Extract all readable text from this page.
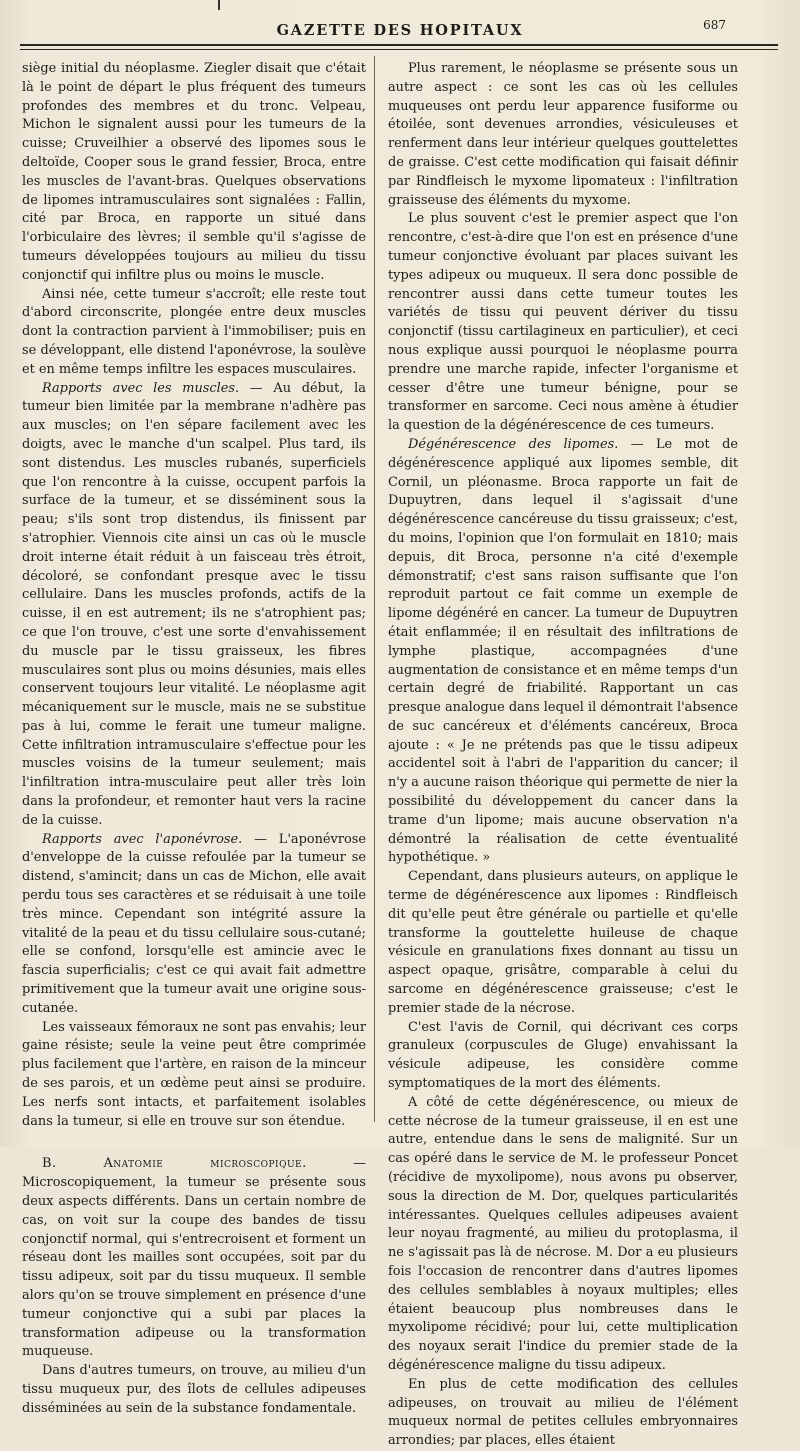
GAZETTE DES HOPITAUX	687

siège initial du néoplasme. Ziegler disait que c'était là le point de départ le plus fréquent des tumeurs profondes des membres et du tronc. Velpeau, Michon le signalent aussi pour les tumeurs de la cuisse; Cruveilhier a observé des lipomes sous le deltoïde, Cooper sous le grand fessier, Broca, entre les muscles de l'avant-bras. Quelques observations de lipomes intramusculaires sont signalées : Fallin, cité par Broca, en rapporte un situé dans l'orbiculaire des lèvres; il semble qu'il s'agisse de tumeurs développées toujours au milieu du tissu conjonctif qui infiltre plus ou moins le muscle.

Ainsi née, cette tumeur s'accroît; elle reste tout d'abord circonscrite, plongée entre deux muscles dont la contraction parvient à l'immobiliser; puis en se développant, elle distend l'aponévrose, la soulève et en même temps infiltre les espaces musculaires.

Rapports avec les muscles. — Au début, la tumeur bien limitée par la membrane n'adhère pas aux muscles; on l'en sépare facilement avec les doigts, avec le manche d'un scalpel. Plus tard, ils sont distendus. Les muscles rubanés, superficiels que l'on rencontre à la cuisse, occupent parfois la surface de la tumeur, et se disséminent sous la peau; s'ils sont trop distendus, ils finissent par s'atrophier. Viennois cite ainsi un cas où le muscle droit interne était réduit à un faisceau très étroit, décoloré, se confondant presque avec le tissu cellulaire. Dans les muscles profonds, actifs de la cuisse, il en est autrement; ils ne s'atrophient pas; ce que l'on trouve, c'est une sorte d'envahissement du muscle par le tissu graisseux, les fibres musculaires sont plus ou moins désunies, mais elles conservent toujours leur vitalité. Le néoplasme agit mécaniquement sur le muscle, mais ne se substitue pas à lui, comme le ferait une tumeur maligne. Cette infiltration intramusculaire s'effectue pour les muscles voisins de la tumeur seulement; mais l'infiltration intra-musculaire peut aller très loin dans la profondeur, et remonter haut vers la racine de la cuisse.

Rapports avec l'aponévrose. — L'aponévrose d'enveloppe de la cuisse refoulée par la tumeur se distend, s'amincit; dans un cas de Michon, elle avait perdu tous ses caractères et se réduisait à une toile très mince. Cependant son intégrité assure la vitalité de la peau et du tissu cellulaire sous-cutané; elle se confond, lorsqu'elle est amincie avec le fascia superficialis; c'est ce qui avait fait admettre primitivement que la tumeur avait une origine sous-cutanée.

Les vaisseaux fémoraux ne sont pas envahis; leur gaine résiste; seule la veine peut être comprimée plus facilement que l'artère, en raison de la minceur de ses parois, et un œdème peut ainsi se produire. Les nerfs sont intacts, et parfaitement isolables dans la tumeur, si elle en trouve sur son étendue.

B. Anatomie microscopique. — Microscopiquement, la tumeur se présente sous deux aspects différents. Dans un certain nombre de cas, on voit sur la coupe des bandes de tissu conjonctif normal, qui s'entrecroisent et forment un réseau dont les mailles sont occupées, soit par du tissu adipeux, soit par du tissu muqueux. Il semble alors qu'on se trouve simplement en présence d'une tumeur conjonctive qui a subi par places la transformation adipeuse ou la transformation muqueuse.

Dans d'autres tumeurs, on trouve, au milieu d'un tissu muqueux pur, des îlots de cellules adipeuses disséminées au sein de la substance fondamentale.

Plus rarement, le néoplasme se présente sous un autre aspect : ce sont les cas où les cellules muqueuses ont perdu leur apparence fusiforme ou étoilée, sont devenues arrondies, vésiculeuses et renferment dans leur intérieur quelques gouttelettes de graisse. C'est cette modification qui faisait définir par Rindfleisch le myxome lipomateux : l'infiltration graisseuse des éléments du myxome.

Le plus souvent c'est le premier aspect que l'on rencontre, c'est-à-dire que l'on est en présence d'une tumeur conjonctive évoluant par places suivant les types adipeux ou muqueux. Il sera donc possible de rencontrer aussi dans cette tumeur toutes les variétés de tissu qui peuvent dériver du tissu conjonctif (tissu cartilagineux en particulier), et ceci nous explique aussi pourquoi le néoplasme pourra prendre une marche rapide, infecter l'organisme et cesser d'être une tumeur bénigne, pour se transformer en sarcome. Ceci nous amène à étudier la question de la dégénérescence de ces tumeurs.

Dégénérescence des lipomes. — Le mot de dégénérescence appliqué aux lipomes semble, dit Cornil, un pléonasme. Broca rapporte un fait de Dupuytren, dans lequel il s'agissait d'une dégénérescence cancéreuse du tissu graisseux; c'est, du moins, l'opinion que l'on formulait en 1810; mais depuis, dit Broca, personne n'a cité d'exemple démonstratif; c'est sans raison suffisante que l'on reproduit partout ce fait comme un exemple de lipome dégénéré en cancer. La tumeur de Dupuytren était enflammée; il en résultait des infiltrations de lymphe plastique, accompagnées d'une augmentation de consistance et en même temps d'un certain degré de friabilité. Rapportant un cas presque analogue dans lequel il démontrait l'absence de suc cancéreux et d'éléments cancéreux, Broca ajoute : « Je ne prétends pas que le tissu adipeux accidentel soit à l'abri de l'apparition du cancer; il n'y a aucune raison théorique qui permette de nier la possibilité du développement du cancer dans la trame d'un lipome; mais aucune observation n'a démontré la réalisation de cette éventualité hypothétique. »

Cependant, dans plusieurs auteurs, on applique le terme de dégénérescence aux lipomes : Rindfleisch dit qu'elle peut être générale ou partielle et qu'elle transforme la gouttelette huileuse de chaque vésicule en granulations fixes donnant au tissu un aspect opaque, grisâtre, comparable à celui du sarcome en dégénérescence graisseuse; c'est le premier stade de la nécrose.

C'est l'avis de Cornil, qui décrivant ces corps granuleux (corpuscules de Gluge) envahissant la vésicule adipeuse, les considère comme symptomatiques de la mort des éléments.

A côté de cette dégénérescence, ou mieux de cette nécrose de la tumeur graisseuse, il en est une autre, entendue dans le sens de malignité. Sur un cas opéré dans le service de M. le professeur Poncet (récidive de myxolipome), nous avons pu observer, sous la direction de M. Dor, quelques particularités intéressantes. Quelques cellules adipeuses avaient leur noyau fragmenté, au milieu du protoplasma, il ne s'agissait pas là de nécrose. M. Dor a eu plusieurs fois l'occasion de rencontrer dans d'autres lipomes des cellules semblables à noyaux multiples; elles étaient beaucoup plus nombreuses dans le myxolipome récidivé; pour lui, cette multiplication des noyaux serait l'indice du premier stade de la dégénérescence maligne du tissu adipeux.

En plus de cette modification des cellules adipeuses, on trouvait au milieu de l'élément muqueux normal de petites cellules embryonnaires arrondies; par places, elles étaient
